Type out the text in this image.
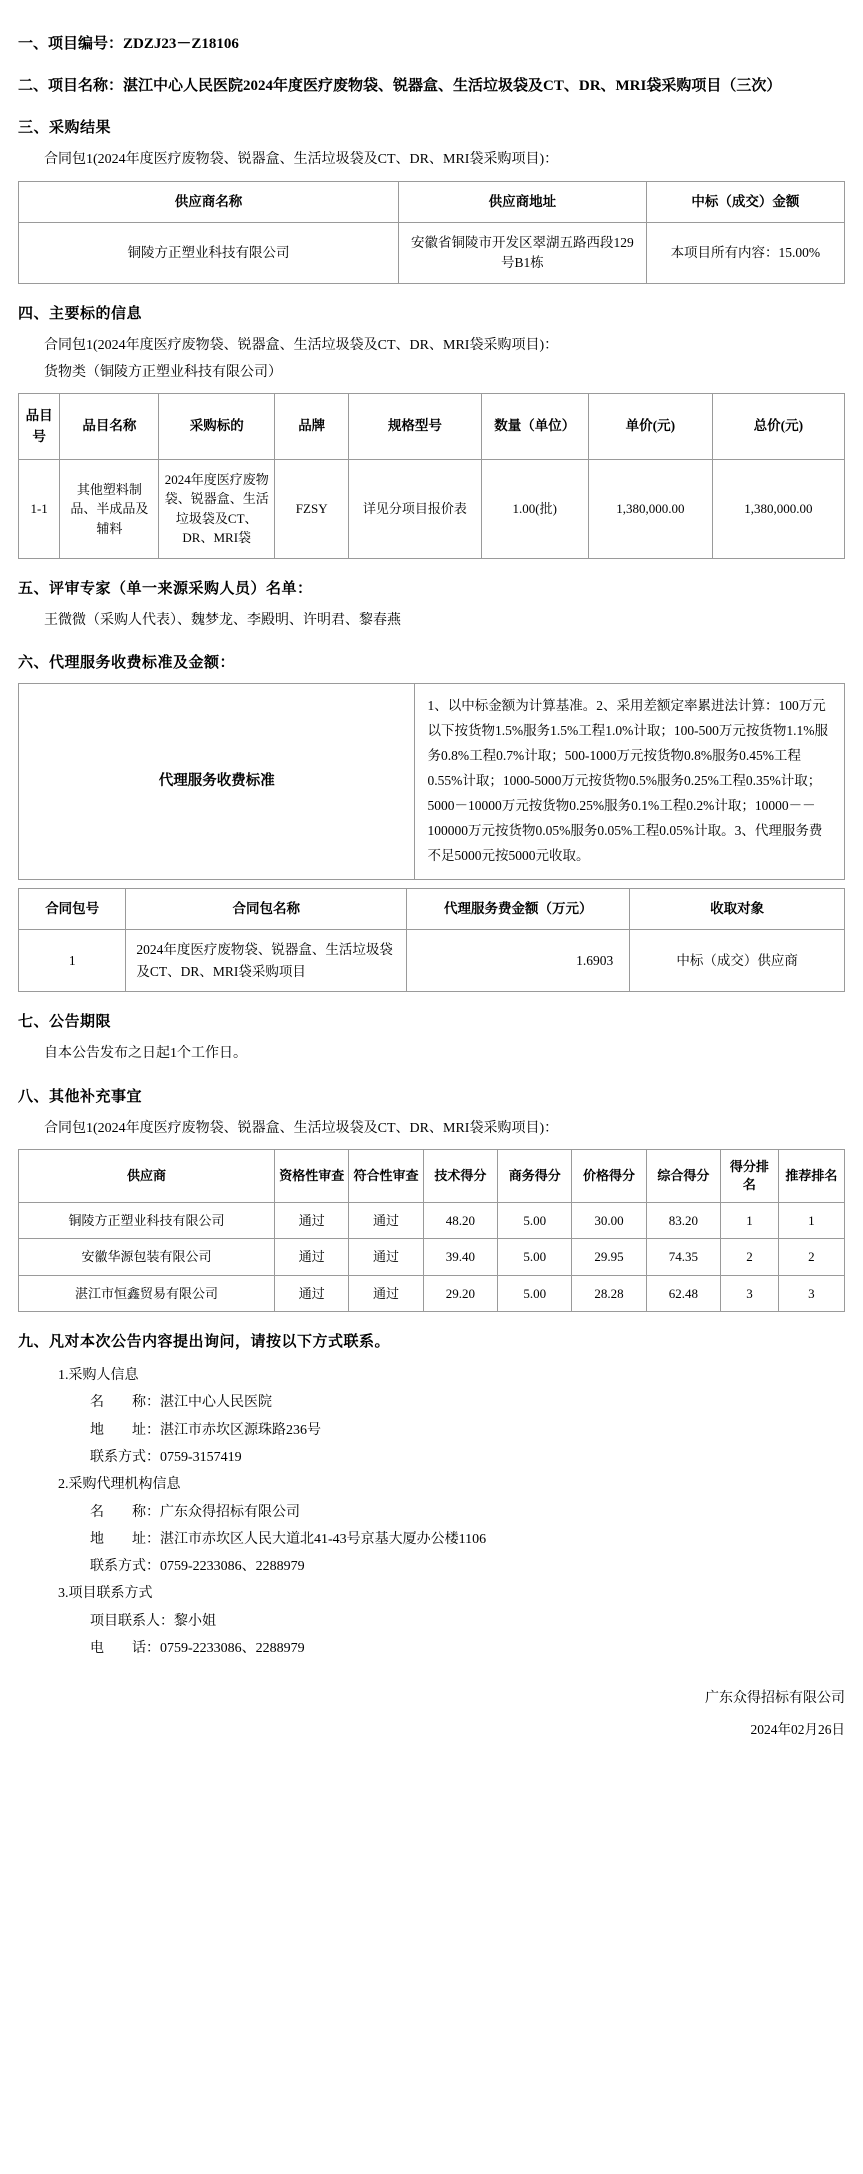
一、项目编号：ZDZJ23－Z18106
二、项目名称：湛江中心人民医院2024年度医疗废物袋、锐器盒、生活垃圾袋及CT、DR、MRI袋采购项目（三次）
三、采购结果
合同包1(2024年度医疗废物袋、锐器盒、生活垃圾袋及CT、DR、MRI袋采购项目)：
供应商名称	供应商地址	中标（成交）金额
铜陵方正塑业科技有限公司	安徽省铜陵市开发区翠湖五路西段129号B1栋	本项目所有内容：15.00%
四、主要标的信息
合同包1(2024年度医疗废物袋、锐器盒、生活垃圾袋及CT、DR、MRI袋采购项目)：
货物类（铜陵方正塑业科技有限公司）
品目号	品目名称	采购标的	品牌	规格型号	数量（单位）	单价(元)	总价(元)
1-1	其他塑料制品、半成品及辅料	2024年度医疗废物袋、锐器盒、生活垃圾袋及CT、DR、MRI袋	FZSY	详见分项目报价表	1.00(批)	1,380,000.00	1,380,000.00
五、评审专家（单一来源采购人员）名单：
王微微（采购人代表）、魏梦龙、李殿明、许明君、黎春燕
六、代理服务收费标准及金额：
代理服务收费标准	1、以中标金额为计算基准。2、采用差额定率累进法计算：100万元以下按货物1.5%服务1.5%工程1.0%计取；100-500万元按货物1.1%服务0.8%工程0.7%计取；500-1000万元按货物0.8%服务0.45%工程0.55%计取；1000-5000万元按货物0.5%服务0.25%工程0.35%计取；5000－10000万元按货物0.25%服务0.1%工程0.2%计取；10000－－100000万元按货物0.05%服务0.05%工程0.05%计取。3、代理服务费不足5000元按5000元收取。
合同包号	合同包名称	代理服务费金额（万元）	收取对象
1	2024年度医疗废物袋、锐器盒、生活垃圾袋及CT、DR、MRI袋采购项目	1.6903	中标（成交）供应商
七、公告期限
自本公告发布之日起1个工作日。
八、其他补充事宜
合同包1(2024年度医疗废物袋、锐器盒、生活垃圾袋及CT、DR、MRI袋采购项目)：
供应商	资格性审查	符合性审查	技术得分	商务得分	价格得分	综合得分	得分排名	推荐排名
铜陵方正塑业科技有限公司	通过	通过	48.20	5.00	30.00	83.20	1	1
安徽华源包装有限公司	通过	通过	39.40	5.00	29.95	74.35	2	2
湛江市恒鑫贸易有限公司	通过	通过	29.20	5.00	28.28	62.48	3	3
九、凡对本次公告内容提出询问，请按以下方式联系。
1.采购人信息
名　　称：湛江中心人民医院
地　　址：湛江市赤坎区源珠路236号
联系方式：0759-3157419
2.采购代理机构信息
名　　称：广东众得招标有限公司
地　　址：湛江市赤坎区人民大道北41-43号京基大厦办公楼1106
联系方式：0759-2233086、2288979
3.项目联系方式
项目联系人：黎小姐
电　　话：0759-2233086、2288979
广东众得招标有限公司
2024年02月26日
